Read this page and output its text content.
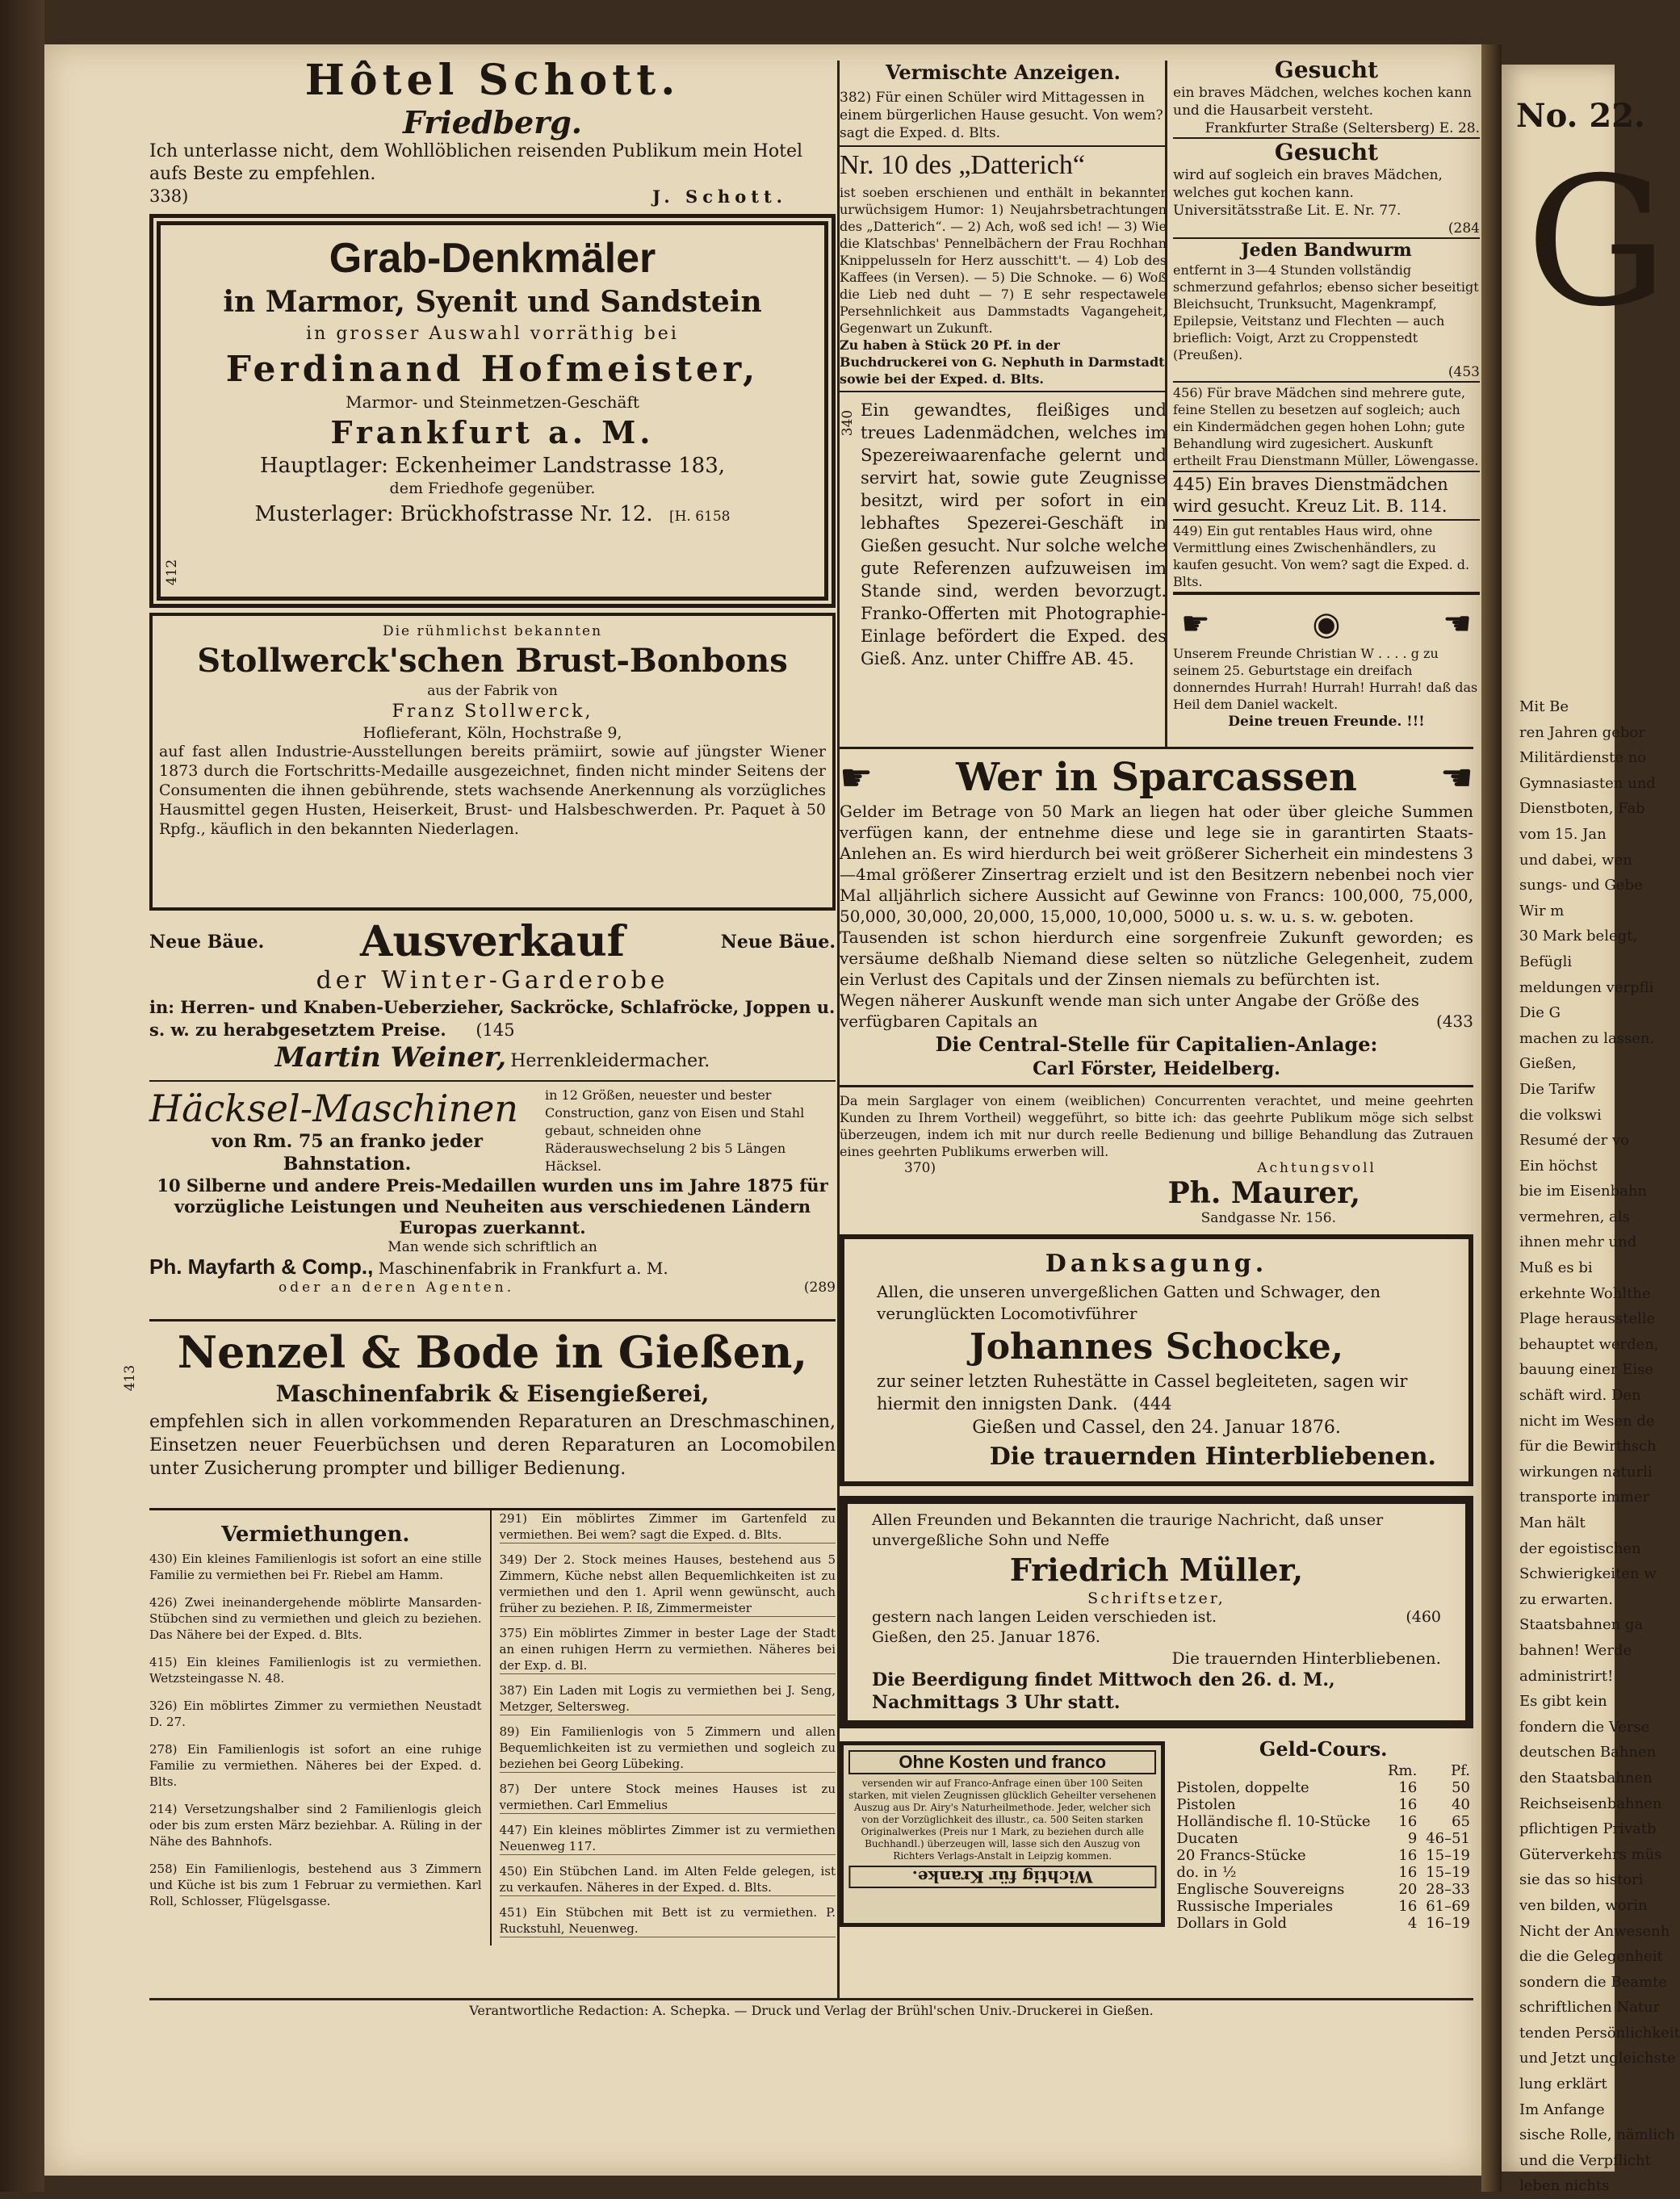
No. 22.
G
Mit Be
ren Jahren gebor
Militärdienste no
Gymnasiasten und
Dienstboten, Fab
vom 15. Jan
und dabei, wen
sungs- und Gebe
Wir m
30 Mark belegt,
Befügli
meldungen verpfli
Die G
machen zu lassen.
Gießen,
Die Tarifw
die volkswi
Resumé der vo
Ein höchst
bie im Eisenbahn
vermehren, als
ihnen mehr und
Muß es bi
erkehnte Wohlthe
Plage herausstelle
behauptet werden,
bauung einer Eise
schäft wird. Den
nicht im Wesen de
für die Bewirthsch
wirkungen naturli
transporte immer
Man hält
der egoistischen
Schwierigkeiten w
zu erwarten.
Staatsbahnen ga
bahnen! Werde
administrirt!
Es gibt kein
fondern die Verse
deutschen Bahnen
den Staatsbahnen
Reichseisenbahnen
pflichtigen Privatb
Güterverkehrs müs
sie das so histori
ven bilden, worin
Nicht der Anwesenh
die die Gelegenheit
sondern die Beamte
schriftlichen Natur
tenden Persönlichkeit
und Jetzt ungleichste
lung erklärt
Im Anfange
sische Rolle, nämlich
und die Verpflicht
leben nichts
Hôtel Schott.
Friedberg.
Ich unterlasse nicht, dem Wohllöblichen reisenden Publikum mein Hotel aufs Beste zu empfehlen.
338)	J. Schott.
Grab-Denkmäler
in Marmor, Syenit und Sandstein
in grosser Auswahl vorräthig bei
Ferdinand Hofmeister,
Marmor- und Steinmetzen-Geschäft
Frankfurt a. M.
Hauptlager: Eckenheimer Landstrasse 183,
dem Friedhofe gegenüber.
Musterlager: Brückhofstrasse Nr. 12. [H. 6158
412
Die rühmlichst bekannten
Stollwerck'schen Brust-Bonbons
aus der Fabrik von
Franz Stollwerck,
Hoflieferant, Köln, Hochstraße 9,
auf fast allen Industrie-Ausstellungen bereits prämiirt, sowie auf jüngster Wiener 1873 durch die Fortschritts-Medaille ausgezeichnet, finden nicht minder Seitens der Consumenten die ihnen gebührende, stets wachsende Anerkennung als vorzügliches Hausmittel gegen Husten, Heiserkeit, Brust- und Halsbeschwerden. Pr. Paquet à 50 Rpfg., käuflich in den bekannten Niederlagen.
Neue Bäue. Ausverkauf	Neue Bäue.
der Winter-Garderobe
in: Herren- und Knaben-Ueberzieher, Sackröcke, Schlafröcke, Joppen u. s. w. zu herabgesetztem Preise. (145
Martin Weiner, Herrenkleidermacher.
Häcksel-Maschinen
von Rm. 75 an franko jeder Bahnstation.
in 12 Größen, neuester und bester Construction, ganz von Eisen und Stahl gebaut, schneiden ohne Räderauswechselung 2 bis 5 Längen Häcksel.
10 Silberne und andere Preis-Medaillen wurden uns im Jahre 1875 für vorzügliche Leistungen und Neuheiten aus verschiedenen Ländern Europas zuerkannt.
Man wende sich schriftlich an
Ph. Mayfarth & Comp., Maschinenfabrik in Frankfurt a. M.
oder an deren Agenten.	(289
Nenzel & Bode in Gießen,
Maschinenfabrik & Eisengießerei,
empfehlen sich in allen vorkommenden Reparaturen an Dreschmaschinen, Einsetzen neuer Feuerbüchsen und deren Reparaturen an Locomobilen unter Zusicherung prompter und billiger Bedienung.
413
Vermiethungen.
430) Ein kleines Familienlogis ist sofort an eine stille Familie zu vermiethen bei Fr. Riebel am Hamm.
426) Zwei ineinandergehende möblirte Mansarden-Stübchen sind zu vermiethen und gleich zu beziehen. Das Nähere bei der Exped. d. Blts.
415) Ein kleines Familienlogis ist zu vermiethen. Wetzsteingasse N. 48.
326) Ein möblirtes Zimmer zu vermiethen Neustadt D. 27.
278) Ein Familienlogis ist sofort an eine ruhige Familie zu vermiethen. Näheres bei der Exped. d. Blts.
214) Versetzungshalber sind 2 Familienlogis gleich oder bis zum ersten März beziehbar. A. Rüling in der Nähe des Bahnhofs.
258) Ein Familienlogis, bestehend aus 3 Zimmern und Küche ist bis zum 1 Februar zu vermiethen. Karl Roll, Schlosser, Flügelsgasse.
291) Ein möblirtes Zimmer im Gartenfeld zu vermiethen. Bei wem? sagt die Exped. d. Blts.
349) Der 2. Stock meines Hauses, bestehend aus 5 Zimmern, Küche nebst allen Bequemlichkeiten ist zu vermiethen und den 1. April wenn gewünscht, auch früher zu beziehen. P. Iß, Zimmermeister
375) Ein möblirtes Zimmer in bester Lage der Stadt an einen ruhigen Herrn zu vermiethen. Näheres bei der Exp. d. Bl.
387) Ein Laden mit Logis zu vermiethen bei J. Seng, Metzger, Seltersweg.
89) Ein Familienlogis von 5 Zimmern und allen Bequemlichkeiten ist zu vermiethen und sogleich zu beziehen bei Georg Lübeking.
87) Der untere Stock meines Hauses ist zu vermiethen. Carl Emmelius
447) Ein kleines möblirtes Zimmer ist zu vermiethen Neuenweg 117.
450) Ein Stübchen Land. im Alten Felde gelegen, ist zu verkaufen. Näheres in der Exped. d. Blts.
451) Ein Stübchen mit Bett ist zu vermiethen. P. Ruckstuhl, Neuenweg.
Vermischte Anzeigen.
382) Für einen Schüler wird Mittagessen in einem bürgerlichen Hause gesucht. Von wem? sagt die Exped. d. Blts.
Nr. 10 des „Datterich“
ist soeben erschienen und enthält in bekannter urwüchsigem Humor: 1) Neujahrsbetrachtungen des „Datterich“. — 2) Ach, woß sed ich! — 3) Wie die Klatschbas' Pennelbächern der Frau Rochhan Knippelusseln for Herz ausschitt't. — 4) Lob des Kaffees (in Versen). — 5) Die Schnoke. — 6) Woß die Lieb ned duht — 7) E sehr respectawele Persehnlichkeit aus Dammstadts Vagangeheit, Gegenwart un Zukunft.
Zu haben à Stück 20 Pf. in der Buchdruckerei von G. Nephuth in Darmstadt sowie bei der Exped. d. Blts.
340 Ein gewandtes, fleißiges und treues Ladenmädchen, welches im Spezereiwaarenfache gelernt und servirt hat, sowie gute Zeugnisse besitzt, wird per sofort in ein lebhaftes Spezerei-Geschäft in Gießen gesucht. Nur solche welche gute Referenzen aufzuweisen im Stande sind, werden bevorzugt. Franko-Offerten mit Photographie-Einlage befördert die Exped. des Gieß. Anz. unter Chiffre AB. 45.
Gesucht
ein braves Mädchen, welches kochen kann und die Hausarbeit versteht.
Frankfurter Straße (Seltersberg) E. 28.
Gesucht
wird auf sogleich ein braves Mädchen, welches gut kochen kann. Universitätsstraße Lit. E. Nr. 77.
(284
Jeden Bandwurm
entfernt in 3—4 Stunden vollständig schmerzund gefahrlos; ebenso sicher beseitigt Bleichsucht, Trunksucht, Magenkrampf, Epilepsie, Veitstanz und Flechten — auch brieflich: Voigt, Arzt zu Croppenstedt (Preußen).
(453
456) Für brave Mädchen sind mehrere gute, feine Stellen zu besetzen auf sogleich; auch ein Kindermädchen gegen hohen Lohn; gute Behandlung wird zugesichert. Auskunft ertheilt Frau Dienstmann Müller, Löwengasse.
445) Ein braves Dienstmädchen wird gesucht. Kreuz Lit. B. 114.
449) Ein gut rentables Haus wird, ohne Vermittlung eines Zwischenhändlers, zu kaufen gesucht. Von wem? sagt die Exped. d. Blts.
☛	◉	☚
Unserem Freunde Christian W . . . . g zu seinem 25. Geburtstage ein dreifach donnerndes Hurrah! Hurrah! Hurrah! daß das Heil dem Daniel wackelt.
Deine treuen Freunde. !!!
☛ Wer in Sparcassen ☚
Gelder im Betrage von 50 Mark an liegen hat oder über gleiche Summen verfügen kann, der entnehme diese und lege sie in garantirten Staats-Anlehen an. Es wird hierdurch bei weit größerer Sicherheit ein mindestens 3—4mal größerer Zinsertrag erzielt und ist den Besitzern nebenbei noch vier Mal alljährlich sichere Aussicht auf Gewinne von Francs: 100,000, 75,000, 50,000, 30,000, 20,000, 15,000, 10,000, 5000 u. s. w. u. s. w. geboten.
Tausenden ist schon hierdurch eine sorgenfreie Zukunft geworden; es versäume deßhalb Niemand diese selten so nützliche Gelegenheit, zudem ein Verlust des Capitals und der Zinsen niemals zu befürchten ist.
Wegen näherer Auskunft wende man sich unter Angabe der Größe des verfügbaren Capitals an	(433
Die Central-Stelle für Capitalien-Anlage:
Carl Förster, Heidelberg.
Da mein Sarglager von einem (weiblichen) Concurrenten verachtet, und meine geehrten Kunden zu Ihrem Vortheil) weggeführt, so bitte ich: das geehrte Publikum möge sich selbst überzeugen, indem ich mit nur durch reelle Bedienung und billige Behandlung das Zutrauen eines geehrten Publikums erwerben will.
370)	Achtungsvoll
Ph. Maurer,
Sandgasse Nr. 156.
Danksagung.
Allen, die unseren unvergeßlichen Gatten und Schwager, den verunglückten Locomotivführer
Johannes Schocke,
zur seiner letzten Ruhestätte in Cassel begleiteten, sagen wir hiermit den innigsten Dank. (444
Gießen und Cassel, den 24. Januar 1876.
Die trauernden Hinterbliebenen.
Allen Freunden und Bekannten die traurige Nachricht, daß unser unvergeßliche Sohn und Neffe
Friedrich Müller,
Schriftsetzer,
gestern nach langen Leiden verschieden ist.	(460
Gießen, den 25. Januar 1876.
Die trauernden Hinterbliebenen.
Die Beerdigung findet Mittwoch den 26. d. M., Nachmittags 3 Uhr statt.
Ohne Kosten und franco
versenden wir auf Franco-Anfrage einen über 100 Seiten starken, mit vielen Zeugnissen glücklich Geheilter versehenen Auszug aus Dr. Airy's Naturheilmethode. Jeder, welcher sich von der Vorzüglichkeit des illustr., ca. 500 Seiten starken Originalwerkes (Preis nur 1 Mark, zu beziehen durch alle Buchhandl.) überzeugen will, lasse sich den Auszug von Richters Verlags-Anstalt in Leipzig kommen.
Wichtig für Kranke.
Geld-Cours.
	Rm.	Pf.
Pistolen, doppelte	16	50
Pistolen	16	40
Holländische fl. 10-Stücke	16	65
Ducaten	9	46–51
20 Francs-Stücke	16	15–19
do. in ½	16	15–19
Englische Souvereigns	20	28–33
Russische Imperiales	16	61–69
Dollars in Gold	4	16–19
Verantwortliche Redaction: A. Schepka. — Druck und Verlag der Brühl'schen Univ.-Druckerei in Gießen.
